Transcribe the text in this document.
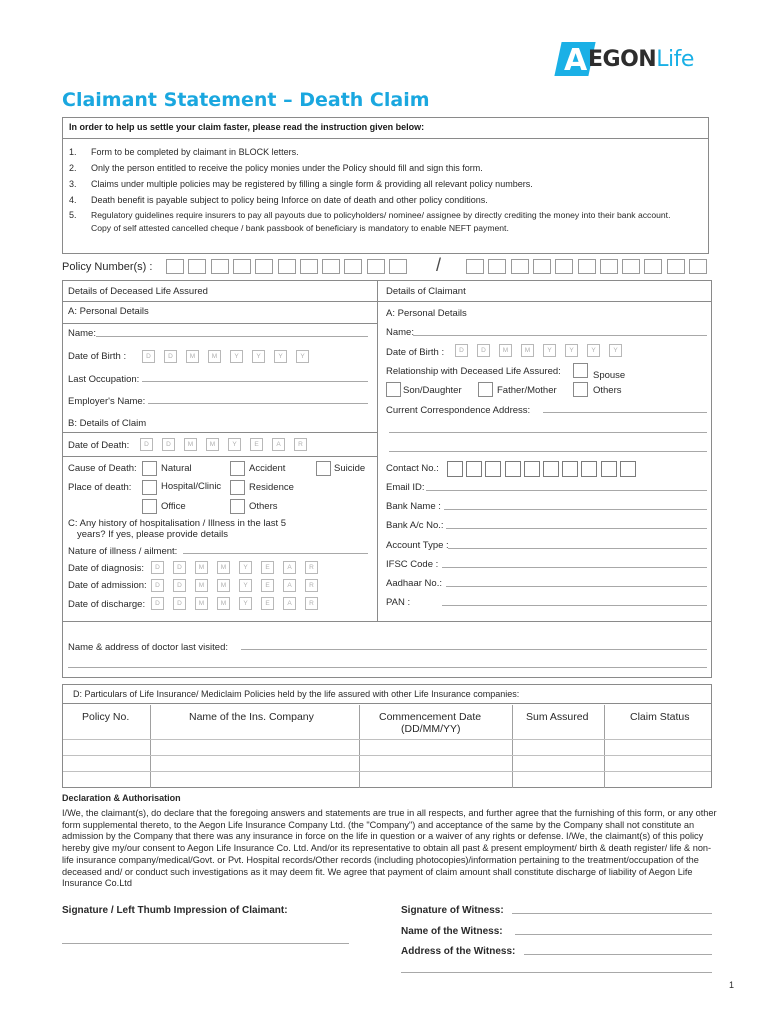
A EGONLife
Claimant Statement – Death Claim
In order to help us settle your claim faster, please read the instruction given below:
1. Form to be completed by claimant in BLOCK letters.
2. Only the person entitled to receive the policy monies under the Policy should fill and sign this form.
3. Claims under multiple policies may be registered by filling a single form & providing all relevant policy numbers.
4. Death benefit is payable subject to policy being Inforce on date of death and other policy conditions.
5. Regulatory guidelines require insurers to pay all payouts due to policyholders/ nominee/ assignee by directly crediting the money into their bank account. Copy of self attested cancelled cheque / bank passbook of beneficiary is mandatory to enable NEFT payment.
Policy Number(s) :	/
Details of Deceased Life Assured
A: Personal Details
Name:
Date of Birth :	D	D	M	M	Y	Y	Y	Y
Last Occupation:
Employer's Name:
B: Details of Claim
Date of Death:	D	D	M	M	Y	E	A	R
Cause of Death:	Natural	Accident	Suicide
Place of death:	Hospital/Clinic	Residence
Office	Others
C: Any history of hospitalisation / Illness in the last 5
years? If yes, please provide details
Nature of illness / ailment:
Date of diagnosis:	D	D	M	M	Y	E	A	R
Date of admission:	D	D	M	M	Y	E	A	R
Date of discharge:	D	D	M	M	Y	E	A	R
Details of Claimant
A: Personal Details
Name:
Date of Birth :	D	D	M	M	Y	Y	Y	Y
Relationship with Deceased Life Assured:	Spouse
Son/Daughter	Father/Mother	Others
Current Correspondence Address:
Contact No.:
Email ID:
Bank Name :
Bank A/c No.:
Account Type :
IFSC Code :
Aadhaar No.:
PAN :
Name & address of doctor last visited:
D: Particulars of Life Insurance/ Mediclaim Policies held by the life assured with other Life Insurance companies:
Policy No.	Name of the Ins. Company	Commencement Date
(DD/MM/YY)
Sum Assured	Claim Status
Declaration & Authorisation
I/We, the claimant(s), do declare that the foregoing answers and statements are true in all respects, and further agree that the furnishing of this form, or any other form supplemental thereto, to the Aegon Life Insurance Company Ltd. (the "Company") and acceptance of the same by the Company shall not constitute an admission by the Company that there was any insurance in force on the life in question or a waiver of any rights or defense. I/We, the claimant(s) of this policy hereby give my/our consent to Aegon Life Insurance Co. Ltd. And/or its representative to obtain all past & present employment/ birth & death register/ life & non-life insurance company/medical/Govt. or Pvt. Hospital records/Other records (including photocopies)/information pertaining to the treatment/occupation of the deceased and/ or conduct such investigations as it may deem fit. We agree that payment of claim amount shall constitute discharge of liability of Aegon Life Insurance Co.Ltd
Signature / Left Thumb Impression of Claimant:	Signature of Witness:
Name of the Witness:
Address of the Witness:
1
